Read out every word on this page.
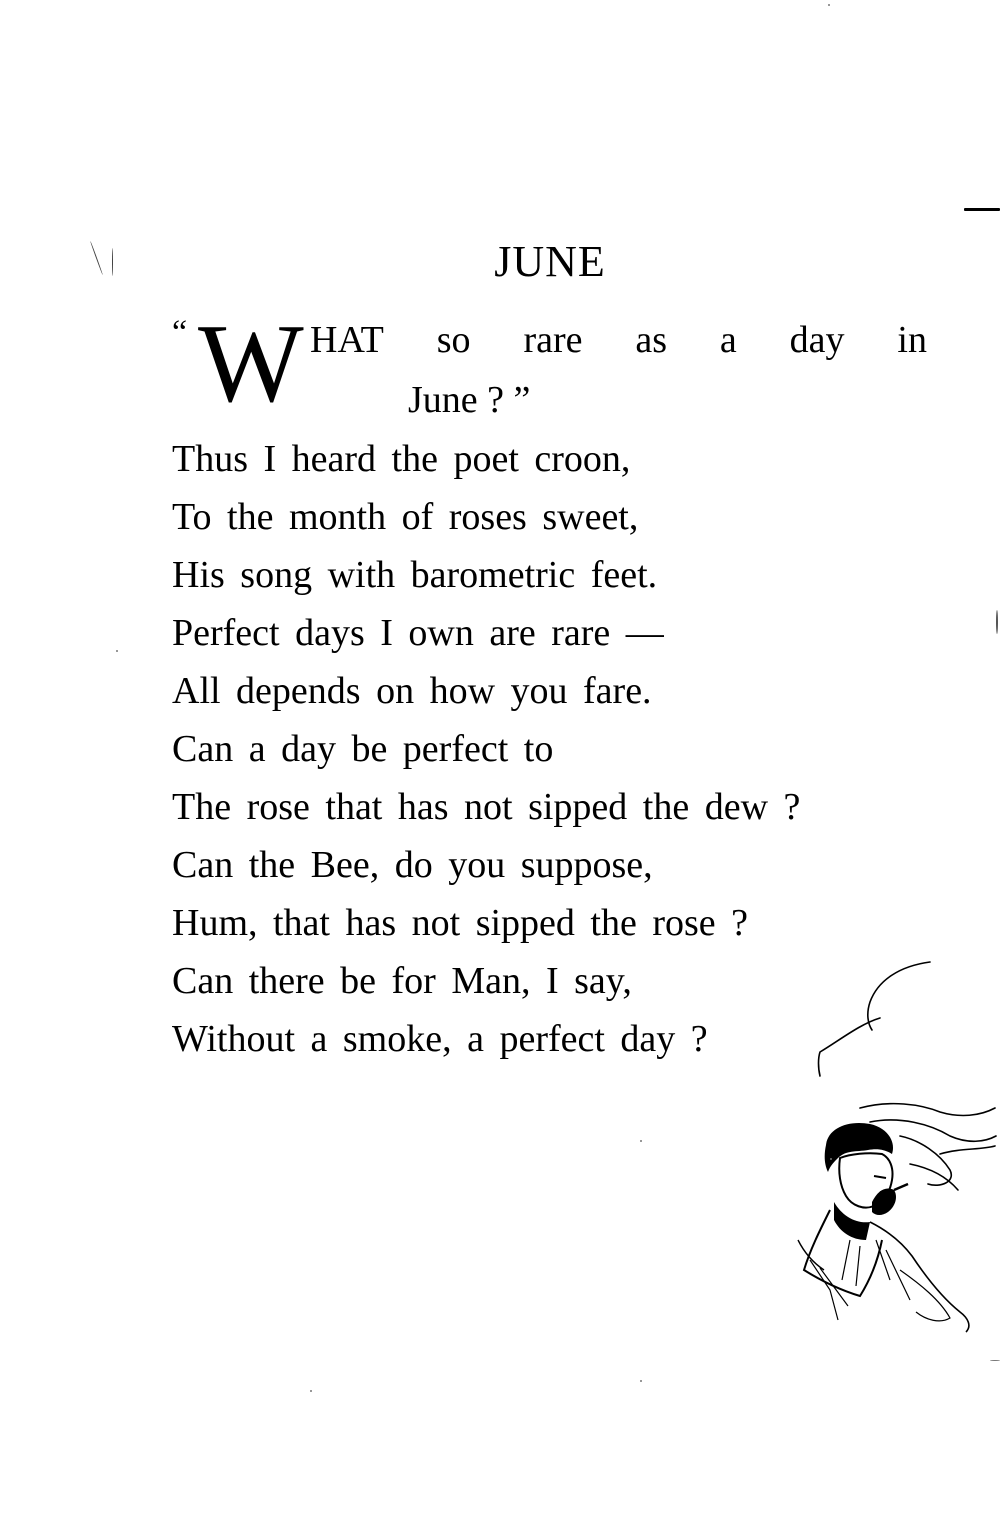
JUNE
“ W HAT so rare as a day in
June ? ”
Thus I heard the poet croon,
To the month of roses sweet,
His song with barometric feet.
Perfect days I own are rare —
All depends on how you fare.
Can a day be perfect to
The rose that has not sipped the dew ?
Can the Bee, do you suppose,
Hum, that has not sipped the rose ?
Can there be for Man, I say,
Without a smoke, a perfect day ?
